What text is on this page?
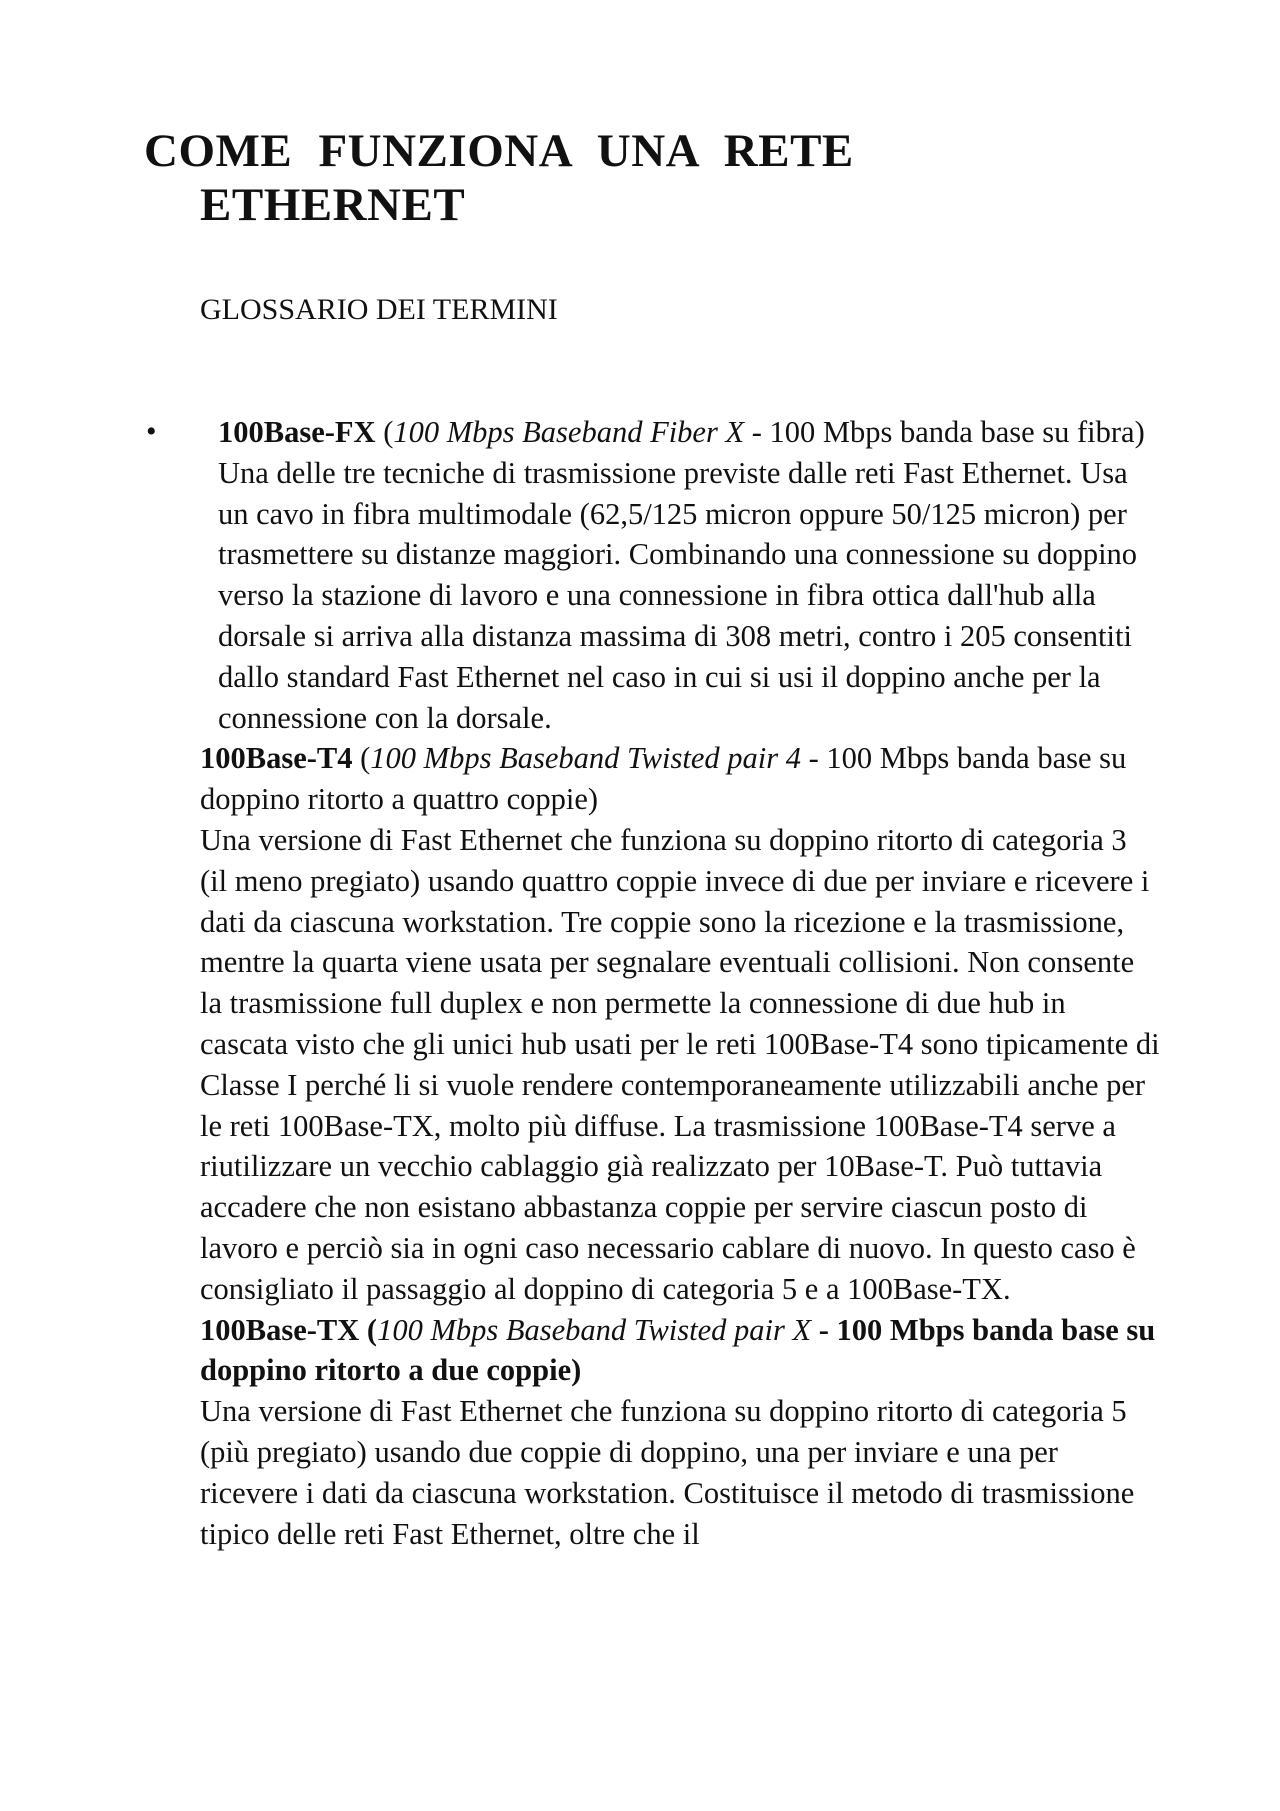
COME FUNZIONA UNA RETE
ETHERNET
GLOSSARIO DEI TERMINI
•	100Base-FX (100 Mbps Baseband Fiber X - 100 Mbps banda base su fibra) Una delle tre tecniche di trasmissione previste dalle reti Fast Ethernet. Usa un cavo in fibra multimodale (62,5/125 micron oppure 50/125 micron) per trasmettere su distanze maggiori. Combinando una connessione su doppino verso la stazione di lavoro e una connessione in fibra ottica dall'hub alla dorsale si arriva alla distanza massima di 308 metri, contro i 205 consentiti dallo standard Fast Ethernet nel caso in cui si usi il doppino anche per la connessione con la dorsale.

100Base-T4 (100 Mbps Baseband Twisted pair 4 - 100 Mbps banda base su doppino ritorto a quattro coppie)

Una versione di Fast Ethernet che funziona su doppino ritorto di categoria 3 (il meno pregiato) usando quattro coppie invece di due per inviare e ricevere i dati da ciascuna workstation. Tre coppie sono la ricezione e la trasmissione, mentre la quarta viene usata per segnalare eventuali collisioni. Non consente la trasmissione full duplex e non permette la connessione di due hub in cascata visto che gli unici hub usati per le reti 100Base-T4 sono tipicamente di Classe I perché li si vuole rendere contemporaneamente utilizzabili anche per le reti 100Base-TX, molto più diffuse. La trasmissione 100Base-T4 serve a riutilizzare un vecchio cablaggio già realizzato per 10Base-T. Può tuttavia accadere che non esistano abbastanza coppie per servire ciascun posto di lavoro e perciò sia in ogni caso necessario cablare di nuovo. In questo caso è consigliato il passaggio al doppino di categoria 5 e a 100Base-TX.

100Base-TX (100 Mbps Baseband Twisted pair X - 100 Mbps banda base su doppino ritorto a due coppie)

Una versione di Fast Ethernet che funziona su doppino ritorto di categoria 5 (più pregiato) usando due coppie di doppino, una per inviare e una per ricevere i dati da ciascuna workstation. Costituisce il metodo di trasmissione tipico delle reti Fast Ethernet, oltre che il
